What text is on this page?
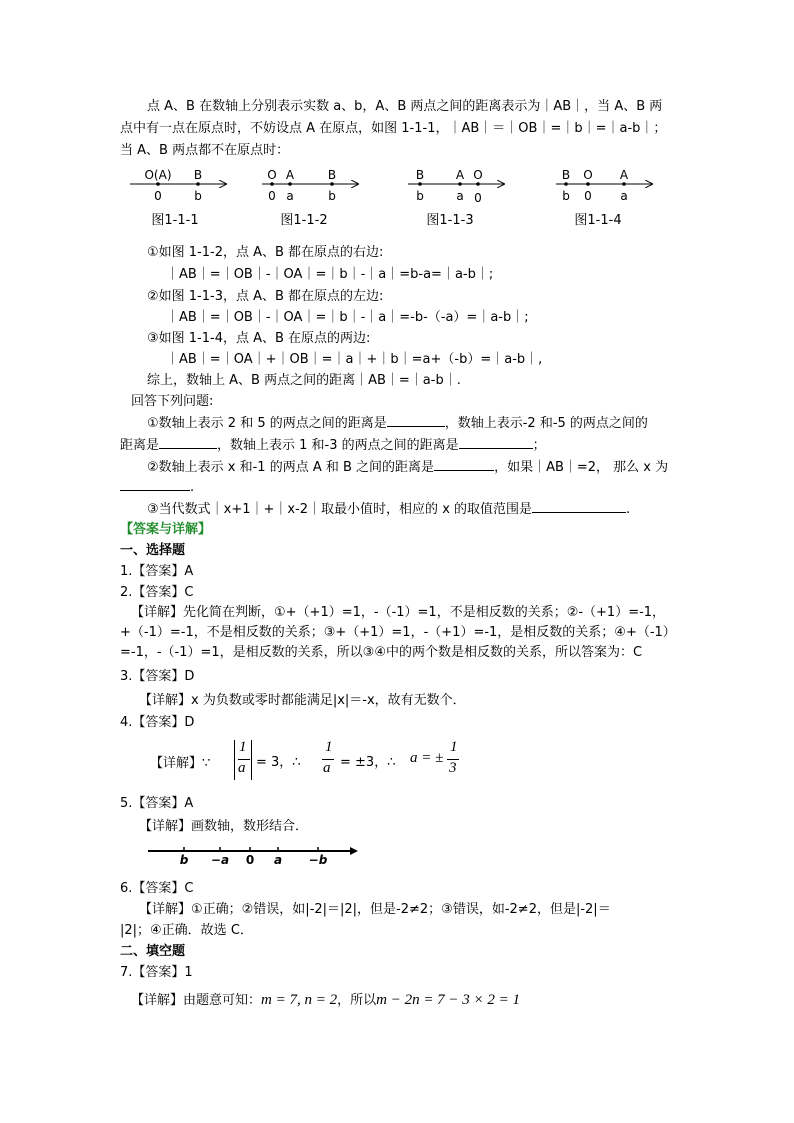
点 A、B 在数轴上分别表示实数 a、b，A、B 两点之间的距离表示为｜AB｜，当 A、B 两
点中有一点在原点时，不妨设点 A 在原点，如图 1-1-1，｜AB｜＝｜OB｜=｜b｜=｜a-b｜；
当 A、B 两点都不在原点时：
O(A) B
0	b
图1-1-1
O A	B
0 a	b
图1-1-2
B	A O
b	a 0
图1-1-3
B O A
b 0 a
图1-1-4
①如图 1-1-2，点 A、B 都在原点的右边:
｜AB｜=｜OB｜-｜OA｜=｜b｜-｜a｜=b-a=｜a-b｜;
②如图 1-1-3，点 A、B 都在原点的左边:
｜AB｜=｜OB｜-｜OA｜=｜b｜-｜a｜=-b-（-a）=｜a-b｜;
③如图 1-1-4，点 A、B 在原点的两边:
｜AB｜=｜OA｜+｜OB｜=｜a｜+｜b｜=a+（-b）=｜a-b｜,
综上，数轴上 A、B 两点之间的距离｜AB｜=｜a-b｜.
回答下列问题:
①数轴上表示 2 和 5 的两点之间的距离是	，数轴上表示-2 和-5 的两点之间的
距离是	，数轴上表示 1 和-3 的两点之间的距离是	；
②数轴上表示 x 和-1 的两点 A 和 B 之间的距离是	，如果｜AB｜=2， 那么 x 为
.
③当代数式｜x+1｜+｜x-2｜取最小值时，相应的 x 的取值范围是	.
【答案与详解】
一、选择题
1.【答案】A
2.【答案】C
【详解】先化简在判断，①+（+1）=1，-（-1）=1，不是相反数的关系；②-（+1）=-1，
+（-1）=-1，不是相反数的关系；③+（+1）=1，-（+1）=-1，是相反数的关系；④+（-1）
=-1，-（-1）=1，是相反数的关系，所以③④中的两个数是相反数的关系，所以答案为：C
3.【答案】D
【详解】x 为负数或零时都能满足|x|＝-x，故有无数个．
4.【答案】D
【详解】∵
1
a = 3，∴
1
a = ±3，∴ a = ±
1
3
5.【答案】A
【详解】画数轴，数形结合．
b −a 0 a −b
6.【答案】C
【详解】①正确；②错误，如|-2|＝|2|，但是-2≠2；③错误，如-2≠2，但是|-2|＝
|2|；④正确．故选 C．
二、填空题
7.【答案】1
【详解】由题意可知：m = 7, n = 2，所以m − 2n = 7 − 3 × 2 = 1
